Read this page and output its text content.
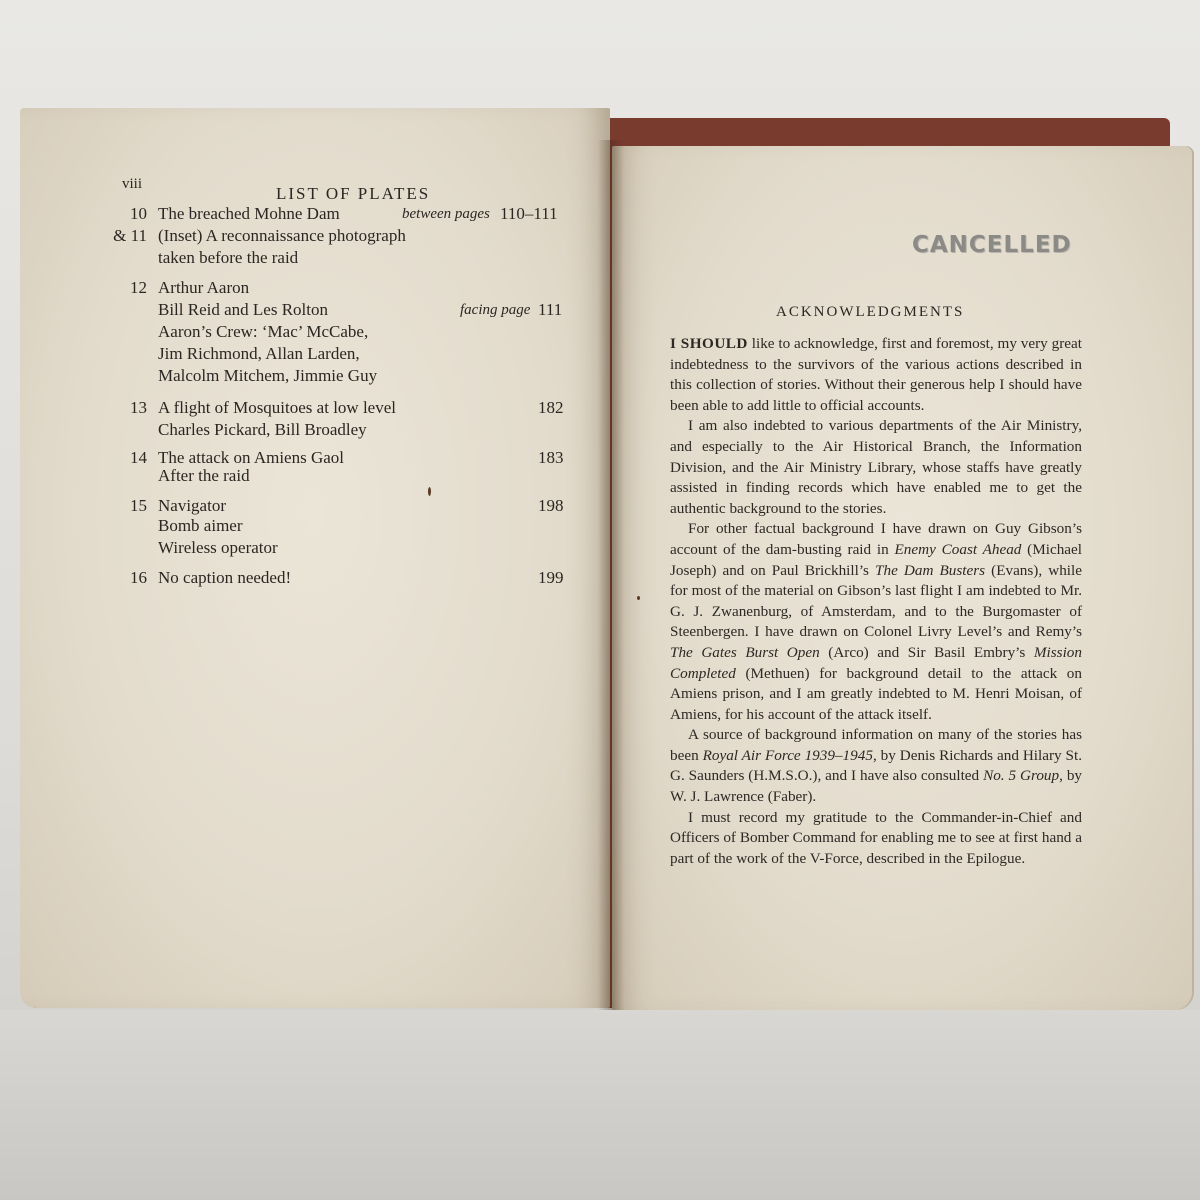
viii	LIST OF PLATES
10 The breached Mohne Dam	between pages 110–111
& 11 (Inset) A reconnaissance photograph
taken before the raid
12 Arthur Aaron
Bill Reid and Les Rolton	facing page 111
Aaron’s Crew: ‘Mac’ McCabe,
Jim Richmond, Allan Larden,
Malcolm Mitchem, Jimmie Guy
13 A flight of Mosquitoes at low level	182
Charles Pickard, Bill Broadley
14 The attack on Amiens Gaol	183
After the raid
15 Navigator	198
Bomb aimer
Wireless operator
16 No caption needed!	199
CANCELLED
ACKNOWLEDGMENTS

I SHOULD like to acknowledge, first and foremost, my very great indebtedness to the survivors of the various actions described in this collection of stories. Without their generous help I should have been able to add little to official accounts.

I am also indebted to various departments of the Air Ministry, and especially to the Air Historical Branch, the Information Division, and the Air Ministry Library, whose staffs have greatly assisted in finding records which have enabled me to get the authentic background to the stories.

For other factual background I have drawn on Guy Gibson’s account of the dam-busting raid in Enemy Coast Ahead (Michael Joseph) and on Paul Brickhill’s The Dam Busters (Evans), while for most of the material on Gibson’s last flight I am indebted to Mr. G. J. Zwanenburg, of Amsterdam, and to the Burgomaster of Steenbergen. I have drawn on Colonel Livry Level’s and Remy’s The Gates Burst Open (Arco) and Sir Basil Embry’s Mission Completed (Methuen) for background detail to the attack on Amiens prison, and I am greatly indebted to M. Henri Moisan, of Amiens, for his account of the attack itself.

A source of background information on many of the stories has been Royal Air Force 1939–1945, by Denis Richards and Hilary St. G. Saunders (H.M.S.O.), and I have also consulted No. 5 Group, by W. J. Lawrence (Faber).

I must record my gratitude to the Commander-in-Chief and Officers of Bomber Command for enabling me to see at first hand a part of the work of the V-Force, described in the Epilogue.
